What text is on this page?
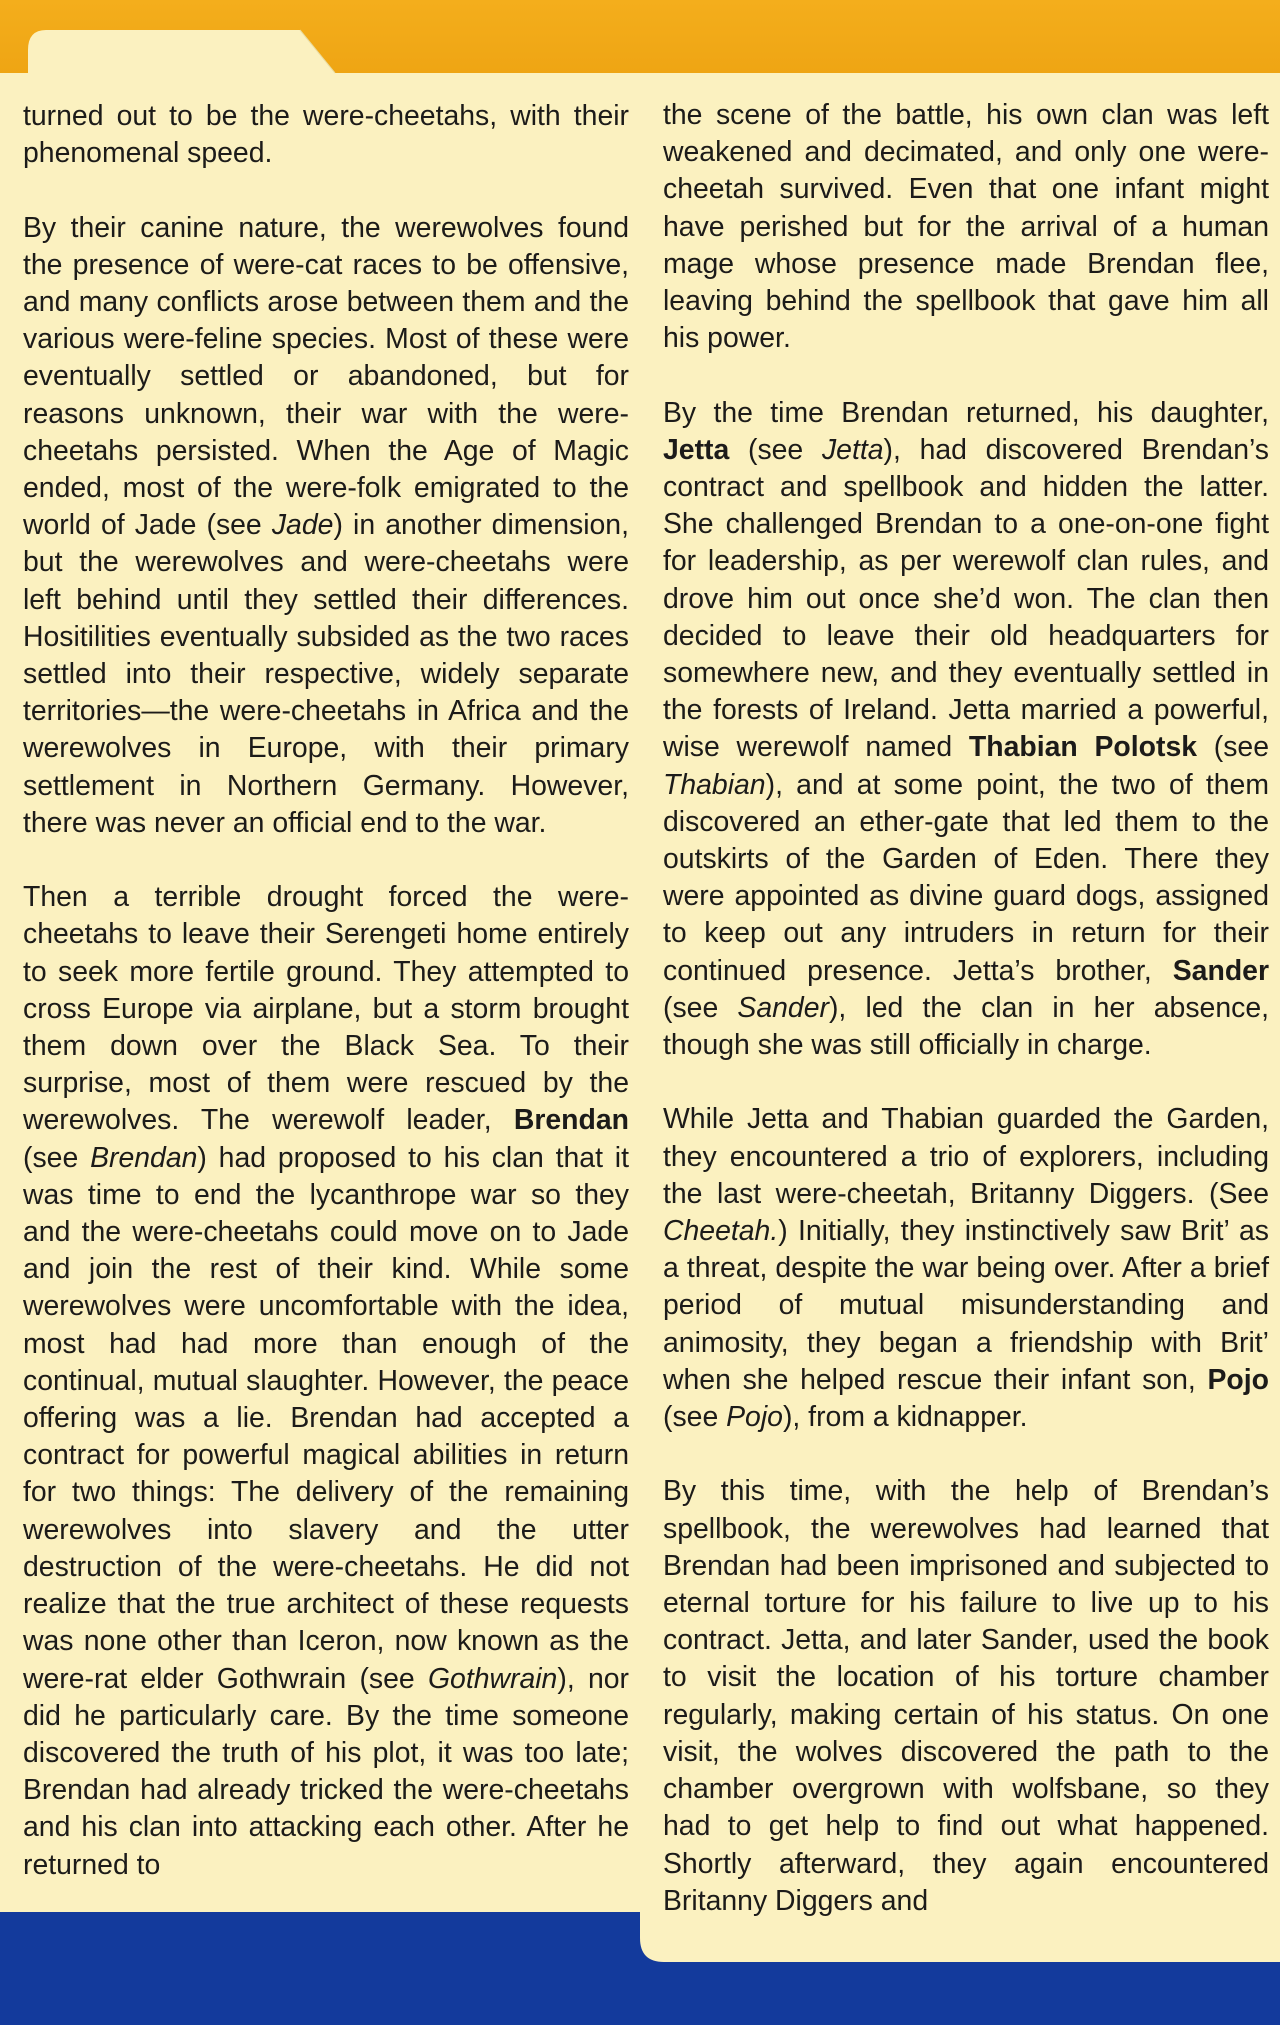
turned out to be the were-cheetahs, with their phenomenal speed.

By their canine nature, the werewolves found the presence of were-cat races to be offensive, and many conflicts arose between them and the various were-feline species. Most of these were eventually settled or abandoned, but for reasons unknown, their war with the were-cheetahs persisted. When the Age of Magic ended, most of the were-folk emigrated to the world of Jade (see Jade) in another dimension, but the werewolves and were-cheetahs were left behind until they settled their differences. Hositilities eventually subsided as the two races settled into their respective, widely separate territories—the were-cheetahs in Africa and the werewolves in Europe, with their primary settlement in Northern Germany. However, there was never an official end to the war.

Then a terrible drought forced the were-cheetahs to leave their Serengeti home entirely to seek more fertile ground. They attempted to cross Europe via airplane, but a storm brought them down over the Black Sea. To their surprise, most of them were rescued by the werewolves. The werewolf leader, Brendan (see Brendan) had proposed to his clan that it was time to end the lycanthrope war so they and the were-cheetahs could move on to Jade and join the rest of their kind. While some werewolves were uncomfortable with the idea, most had had more than enough of the continual, mutual slaughter. However, the peace offering was a lie. Brendan had accepted a contract for powerful magical abilities in return for two things: The delivery of the remaining werewolves into slavery and the utter destruction of the were-cheetahs. He did not realize that the true architect of these requests was none other than Iceron, now known as the were-rat elder Gothwrain (see Gothwrain), nor did he particularly care. By the time someone discovered the truth of his plot, it was too late; Brendan had already tricked the were-cheetahs and his clan into attacking each other. After he returned to

the scene of the battle, his own clan was left weakened and decimated, and only one were-cheetah survived. Even that one infant might have perished but for the arrival of a human mage whose presence made Brendan flee, leaving behind the spellbook that gave him all his power.

By the time Brendan returned, his daughter, Jetta (see Jetta), had discovered Brendan’s contract and spellbook and hidden the latter. She challenged Brendan to a one-on-one fight for leadership, as per werewolf clan rules, and drove him out once she’d won. The clan then decided to leave their old headquarters for somewhere new, and they eventually settled in the forests of Ireland. Jetta married a powerful, wise werewolf named Thabian Polotsk (see Thabian), and at some point, the two of them discovered an ether-gate that led them to the outskirts of the Garden of Eden. There they were appointed as divine guard dogs, assigned to keep out any intruders in return for their continued presence. Jetta’s brother, Sander (see Sander), led the clan in her absence, though she was still officially in charge.

While Jetta and Thabian guarded the Garden, they encountered a trio of explorers, including the last were-cheetah, Britanny Diggers. (See Cheetah.) Initially, they instinctively saw Brit’ as a threat, despite the war being over. After a brief period of mutual misunderstanding and animosity, they began a friendship with Brit’ when she helped rescue their infant son, Pojo (see Pojo), from a kidnapper.

By this time, with the help of Brendan’s spellbook, the werewolves had learned that Brendan had been imprisoned and subjected to eternal torture for his failure to live up to his contract. Jetta, and later Sander, used the book to visit the location of his torture chamber regularly, making certain of his status. On one visit, the wolves discovered the path to the chamber overgrown with wolfsbane, so they had to get help to find out what happened. Shortly afterward, they again encountered Britanny Diggers and
